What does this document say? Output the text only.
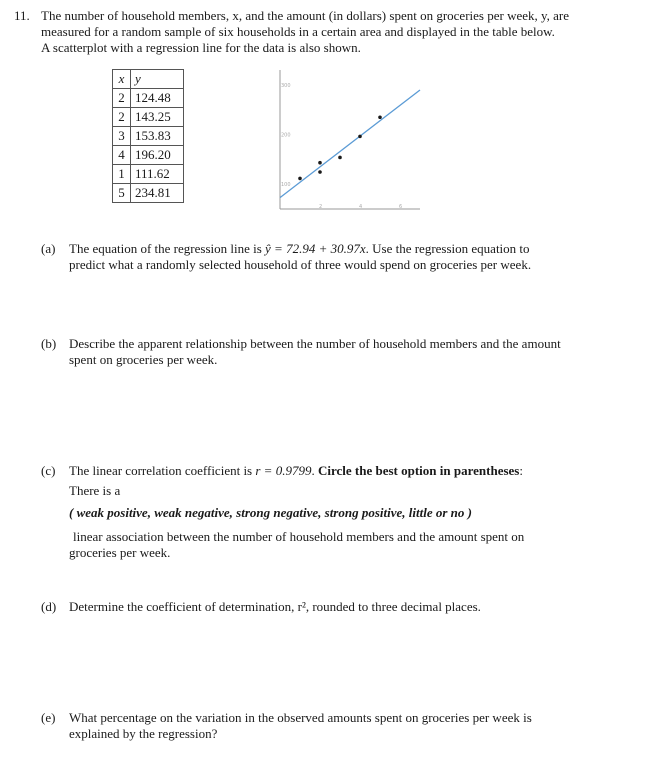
11. The number of household members, x, and the amount (in dollars) spent on groceries per week, y, are

measured for a random sample of six households in a certain area and displayed in the table below.

A scatterplot with a regression line for the data is also shown.

x	y
2	124.48
2	143.25
3	153.83
4	196.20
1	111.62
5	234.81	100
200
300
2	4	6
(a) The equation of the regression line is ŷ = 72.94 + 30.97x. Use the regression equation to

predict what a randomly selected household of three would spend on groceries per week.

(b) Describe the apparent relationship between the number of household members and the amount

spent on groceries per week.

(c) The linear correlation coefficient is r = 0.9799. Circle the best option in parentheses:

There is a

( weak positive, weak negative, strong negative, strong positive, little or no )

linear association between the number of household members and the amount spent on

groceries per week.

(d) Determine the coefficient of determination, r², rounded to three decimal places.

(e) What percentage on the variation in the observed amounts spent on groceries per week is

explained by the regression?
